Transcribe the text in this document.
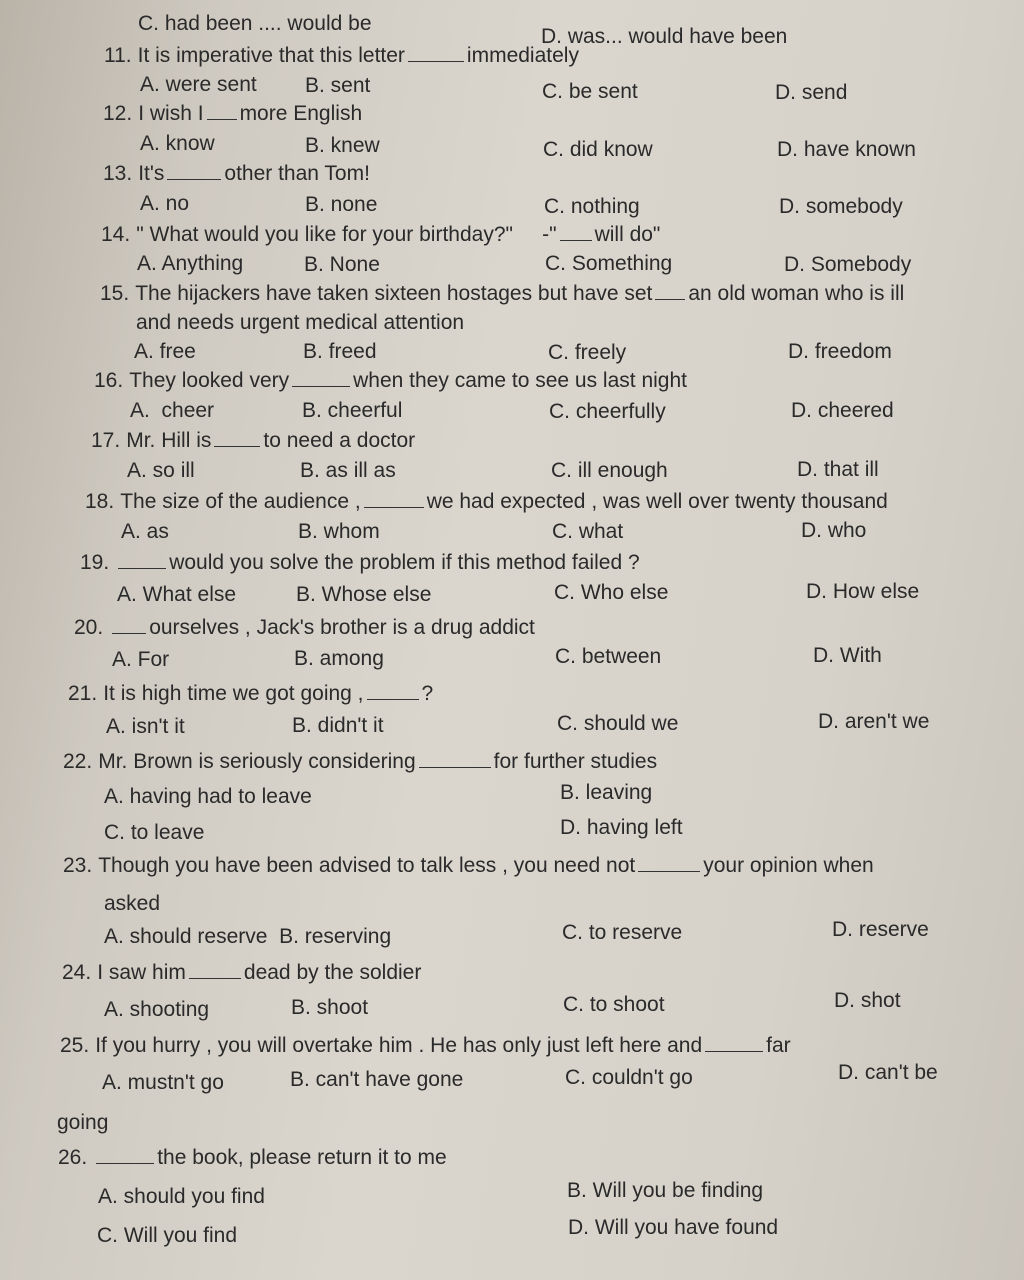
C. had been .... would be
D. was... would have been
11. It is imperative that this letter	immediately
A. were sent B. sent	C. be sent	D. send
12. I wish I more English
A. know	B. knew	C. did know	D. have known
13. It's	other than Tom!
A. no	B. none	C. nothing	D. somebody
14. " What would you like for your birthday?"     -" will do"
A. Anything	B. None	C. Something	D. Somebody
15. The hijackers have taken sixteen hostages but have set an old woman who is ill
and needs urgent medical attention
A. free	B. freed	C. freely	D. freedom
16. They looked very	when they came to see us last night
A.  cheer	B. cheerful	C. cheerfully	D. cheered
17. Mr. Hill is to need a doctor
A. so ill	B. as ill as	C. ill enough	D. that ill
18. The size of the audience ,	we had expected , was well over twenty thousand
A. as	B. whom	C. what	D. who
19.	would you solve the problem if this method failed ?
A. What else	B. Whose else	C. Who else	D. How else
20. ourselves , Jack's brother is a drug addict
A. For	B. among	C. between	D. With
21. It is high time we got going ,	?
A. isn't it	B. didn't it	C. should we	D. aren't we
22. Mr. Brown is seriously considering	for further studies
A. having had to leave	B. leaving
C. to leave	D. having left
23. Though you have been advised to talk less , you need not	your opinion when
asked
A. should reserve  B. reserving	C. to reserve	D. reserve
24. I saw him	dead by the soldier
A. shooting	B. shoot	C. to shoot	D. shot
25. If you hurry , you will overtake him . He has only just left here and	far
A. mustn't go	B. can't have gone	C. couldn't go	D. can't be
going
26.	the book, please return it to me
A. should you find	B. Will you be finding
C. Will you find	D. Will you have found
